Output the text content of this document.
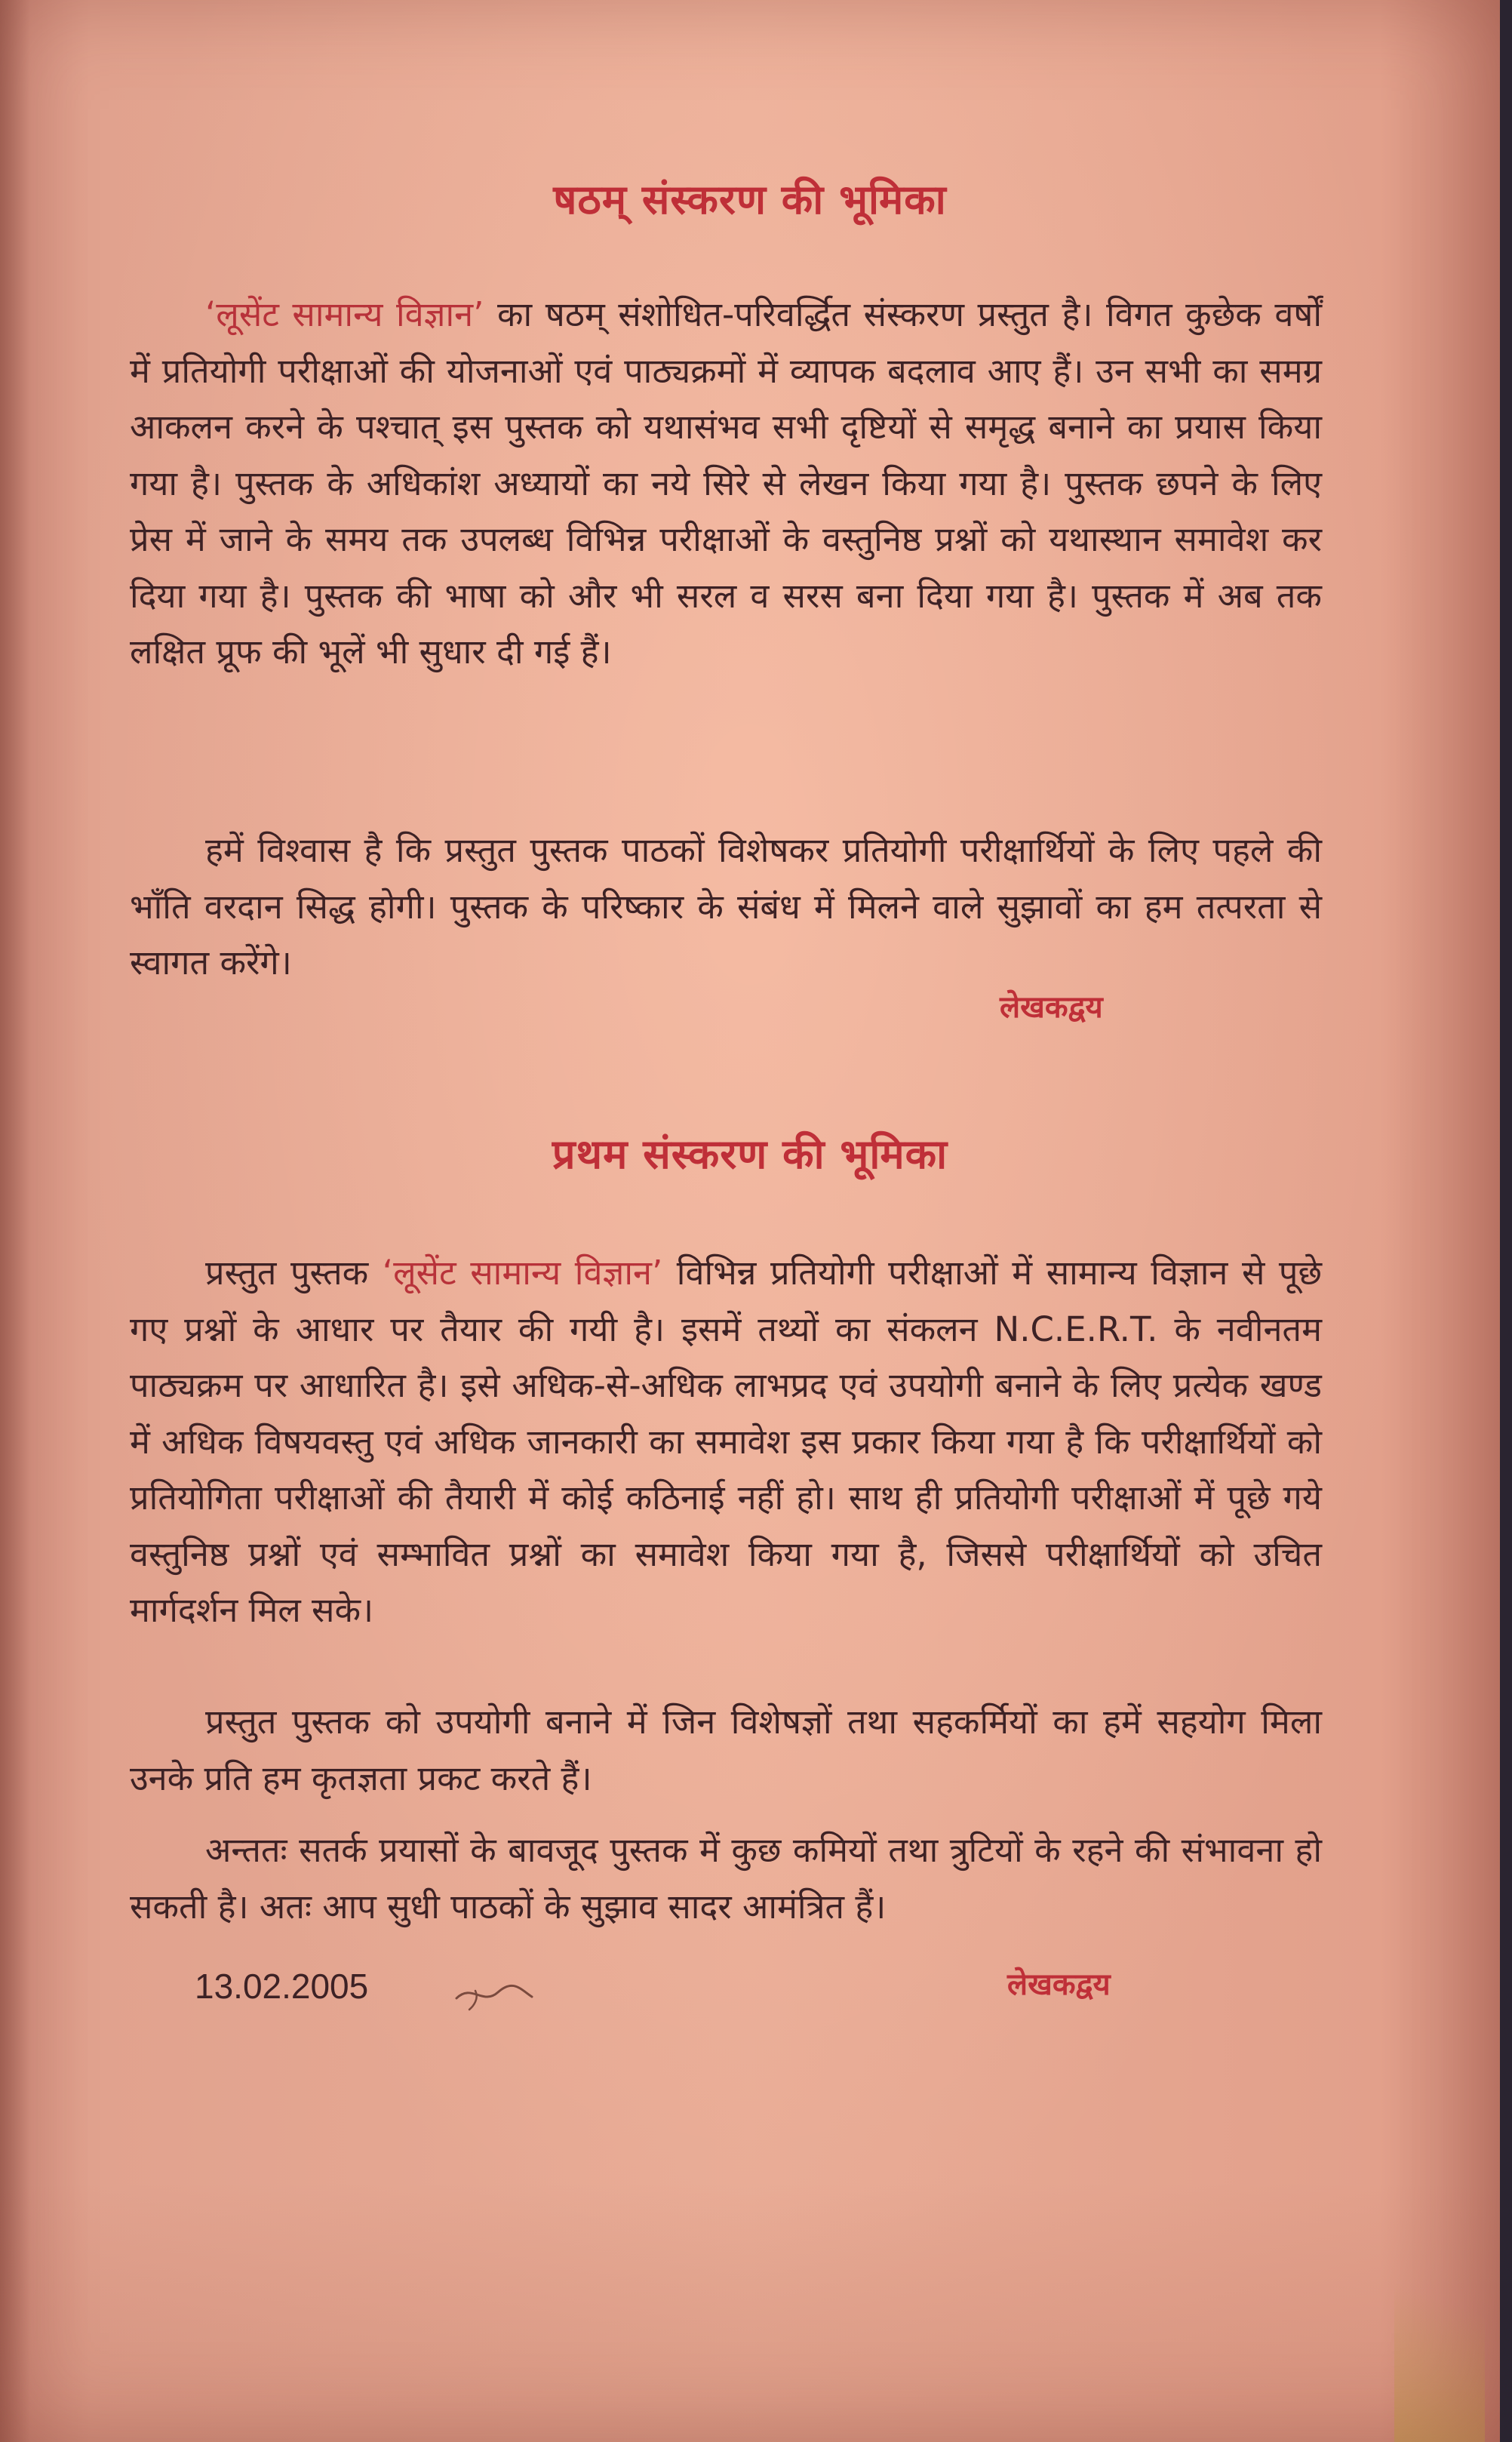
षठम् संस्करण की भूमिका

‘लूसेंट सामान्य विज्ञान’ का षठम् संशोधित-परिवर्द्धित संस्करण प्रस्तुत है। विगत कुछेक वर्षों में प्रतियोगी परीक्षाओं की योजनाओं एवं पाठ्यक्रमों में व्यापक बदलाव आए हैं। उन सभी का समग्र आकलन करने के पश्चात् इस पुस्तक को यथासंभव सभी दृष्टियों से समृद्ध बनाने का प्रयास किया गया है। पुस्तक के अधिकांश अध्यायों का नये सिरे से लेखन किया गया है। पुस्तक छपने के लिए प्रेस में जाने के समय तक उपलब्ध विभिन्न परीक्षाओं के वस्तुनिष्ठ प्रश्नों को यथास्थान समावेश कर दिया गया है। पुस्तक की भाषा को और भी सरल व सरस बना दिया गया है। पुस्तक में अब तक लक्षित प्रूफ की भूलें भी सुधार दी गई हैं।

हमें विश्वास है कि प्रस्तुत पुस्तक पाठकों विशेषकर प्रतियोगी परीक्षार्थियों के लिए पहले की भाँति वरदान सिद्ध होगी। पुस्तक के परिष्कार के संबंध में मिलने वाले सुझावों का हम तत्परता से स्वागत करेंगे।

लेखकद्वय
प्रथम संस्करण की भूमिका

प्रस्तुत पुस्तक ‘लूसेंट सामान्य विज्ञान’ विभिन्न प्रतियोगी परीक्षाओं में सामान्य विज्ञान से पूछे गए प्रश्नों के आधार पर तैयार की गयी है। इसमें तथ्यों का संकलन N.C.E.R.T. के नवीनतम पाठ्यक्रम पर आधारित है। इसे अधिक-से-अधिक लाभप्रद एवं उपयोगी बनाने के लिए प्रत्येक खण्ड में अधिक विषयवस्तु एवं अधिक जानकारी का समावेश इस प्रकार किया गया है कि परीक्षार्थियों को प्रतियोगिता परीक्षाओं की तैयारी में कोई कठिनाई नहीं हो। साथ ही प्रतियोगी परीक्षाओं में पूछे गये वस्तुनिष्ठ प्रश्नों एवं सम्भावित प्रश्नों का समावेश किया गया है, जिससे परीक्षार्थियों को उचित मार्गदर्शन मिल सके।

प्रस्तुत पुस्तक को उपयोगी बनाने में जिन विशेषज्ञों तथा सहकर्मियों का हमें सहयोग मिला उनके प्रति हम कृतज्ञता प्रकट करते हैं।

अन्ततः सतर्क प्रयासों के बावजूद पुस्तक में कुछ कमियों तथा त्रुटियों के रहने की संभावना हो सकती है। अतः आप सुधी पाठकों के सुझाव सादर आमंत्रित हैं।

13.02.2005	लेखकद्वय
